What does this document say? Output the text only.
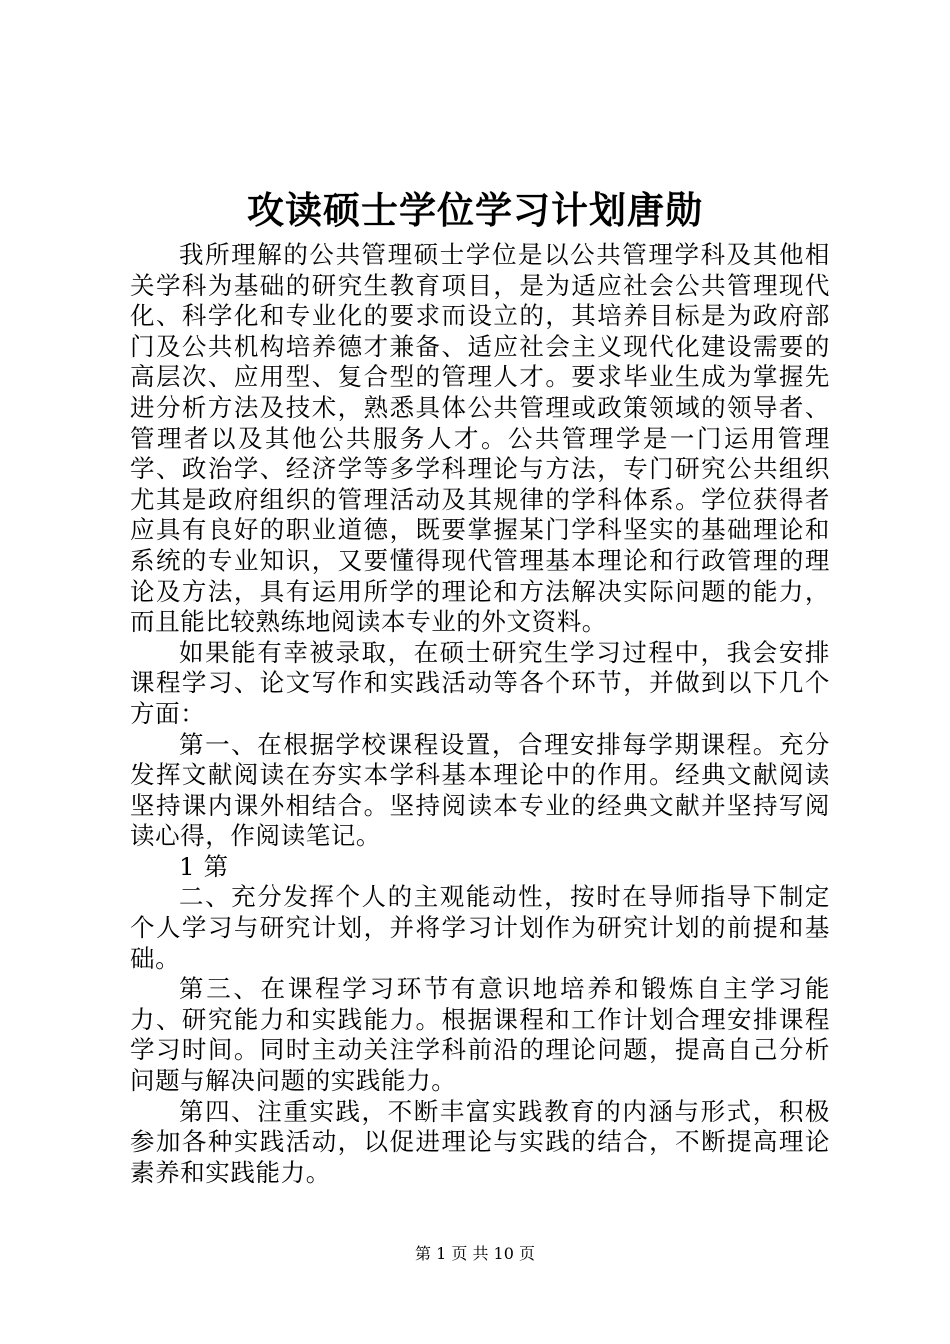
攻读硕士学位学习计划唐勋

我所理解的公共管理硕士学位是以公共管理学科及其他相关学科为基础的研究生教育项目，是为适应社会公共管理现代化、科学化和专业化的要求而设立的，其培养目标是为政府部门及公共机构培养德才兼备、适应社会主义现代化建设需要的高层次、应用型、复合型的管理人才。要求毕业生成为掌握先进分析方法及技术，熟悉具体公共管理或政策领域的领导者、管理者以及其他公共服务人才。公共管理学是一门运用管理学、政治学、经济学等多学科理论与方法，专门研究公共组织尤其是政府组织的管理活动及其规律的学科体系。学位获得者应具有良好的职业道德，既要掌握某门学科坚实的基础理论和系统的专业知识，又要懂得现代管理基本理论和行政管理的理论及方法，具有运用所学的理论和方法解决实际问题的能力，而且能比较熟练地阅读本专业的外文资料。

如果能有幸被录取，在硕士研究生学习过程中，我会安排课程学习、论文写作和实践活动等各个环节，并做到以下几个方面：

第一、在根据学校课程设置，合理安排每学期课程。充分发挥文献阅读在夯实本学科基本理论中的作用。经典文献阅读坚持课内课外相结合。坚持阅读本专业的经典文献并坚持写阅读心得，作阅读笔记。

1 第

二、充分发挥个人的主观能动性，按时在导师指导下制定个人学习与研究计划，并将学习计划作为研究计划的前提和基础。

第三、在课程学习环节有意识地培养和锻炼自主学习能力、研究能力和实践能力。根据课程和工作计划合理安排课程学习时间。同时主动关注学科前沿的理论问题，提高自己分析问题与解决问题的实践能力。

第四、注重实践，不断丰富实践教育的内涵与形式，积极参加各种实践活动，以促进理论与实践的结合，不断提高理论素养和实践能力。

第 1 页 共 10 页
